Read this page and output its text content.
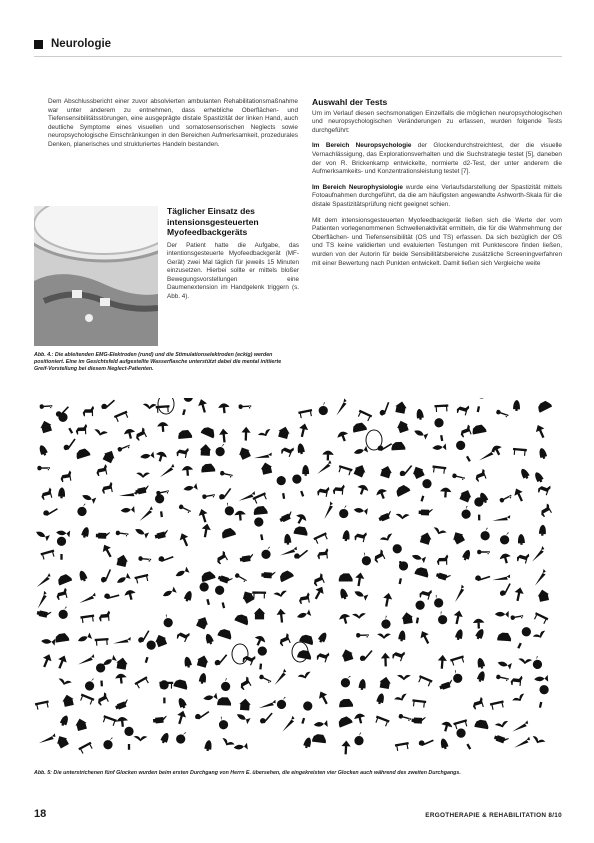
Neurologie
Dem Abschlussbericht einer zuvor absolvierten ambulanten Rehabilitationsmaßnahme war unter anderem zu entnehmen, dass erhebliche Oberflächen- und Tiefensensibilitätsstörungen, eine ausgeprägte distale Spastizität der linken Hand, auch deutliche Symptome eines visuellen und somatosensorischen Neglects sowie neuropsychologische Einschränkungen in den Bereichen Aufmerksamkeit, prozedurales Denken, planerisches und strukturiertes Handeln bestanden.
Täglicher Einsatz des intensionsgesteuerten Myofeedbackgeräts

Der Patient hatte die Aufgabe, das intentionsgesteuerte Myofeedbackgerät (MF-Gerät) zwei Mal täglich für jeweils 15 Minuten einzusetzen. Hierbei sollte er mittels bloßer Bewegungsvorstellungen eine Daumenextension im Handgelenk triggern (s. Abb. 4).

Abb. 4.: Die ableitenden EMG-Elektroden (rund) und die Stimulationselektroden (eckig) werden positioniert. Eine im Gesichtsfeld aufgestellte Wasserflasche unterstützt dabei die mental initiierte Greif-Vorstellung bei diesem Neglect-Patienten.
Auswahl der Tests

Um im Verlauf diesen sechsmonatigen Einzelfalls die möglichen neuropsychologischen und neuropsychologischen Veränderungen zu erfassen, wurden folgende Tests durchgeführt:

Im Bereich Neuropsychologie der Glockendurchstreichtest, der die visuelle Vernachlässigung, das Explorationsverhalten und die Suchstrategie testet [5], daneben der von R. Brickenkamp entwickelte, normierte d2-Test, der unter anderem die Aufmerksamkeits- und Konzentrationsleistung testet [7].

Im Bereich Neurophysiologie wurde eine Verlaufsdarstellung der Spastizität mittels Fotoaufnahmen durchgeführt, da die am häufigsten angewandte Ashworth-Skala für die distale Spastizitätsprüfung nicht geeignet schien.

Mit dem intensionsgesteuerten Myofeedbackgerät ließen sich die Werte der vom Patienten vorlegenommenen Schwellenaktivität ermitteln, die für die Wahrnehmung der Oberflächen- und Tiefensensibilität (OS und TS) erfassen. Da sich bezüglich der OS und TS keine validierten und evaluierten Testungen mit Punktescore finden ließen, wurden von der Autorin für beide Sensibilitätsbereiche zusätzliche Screeningverfahren mit einer Bewertung nach Punkten entwickelt. Damit ließen sich Vergleiche weite

Abb. 5: Die unterstrichenen fünf Glocken wurden beim ersten Durchgang von Herrn E. übersehen, die eingekreisten vier Glocken auch während des zweiten Durchgangs.
18	ERGOTHERAPIE & REHABILITATION 8/10
